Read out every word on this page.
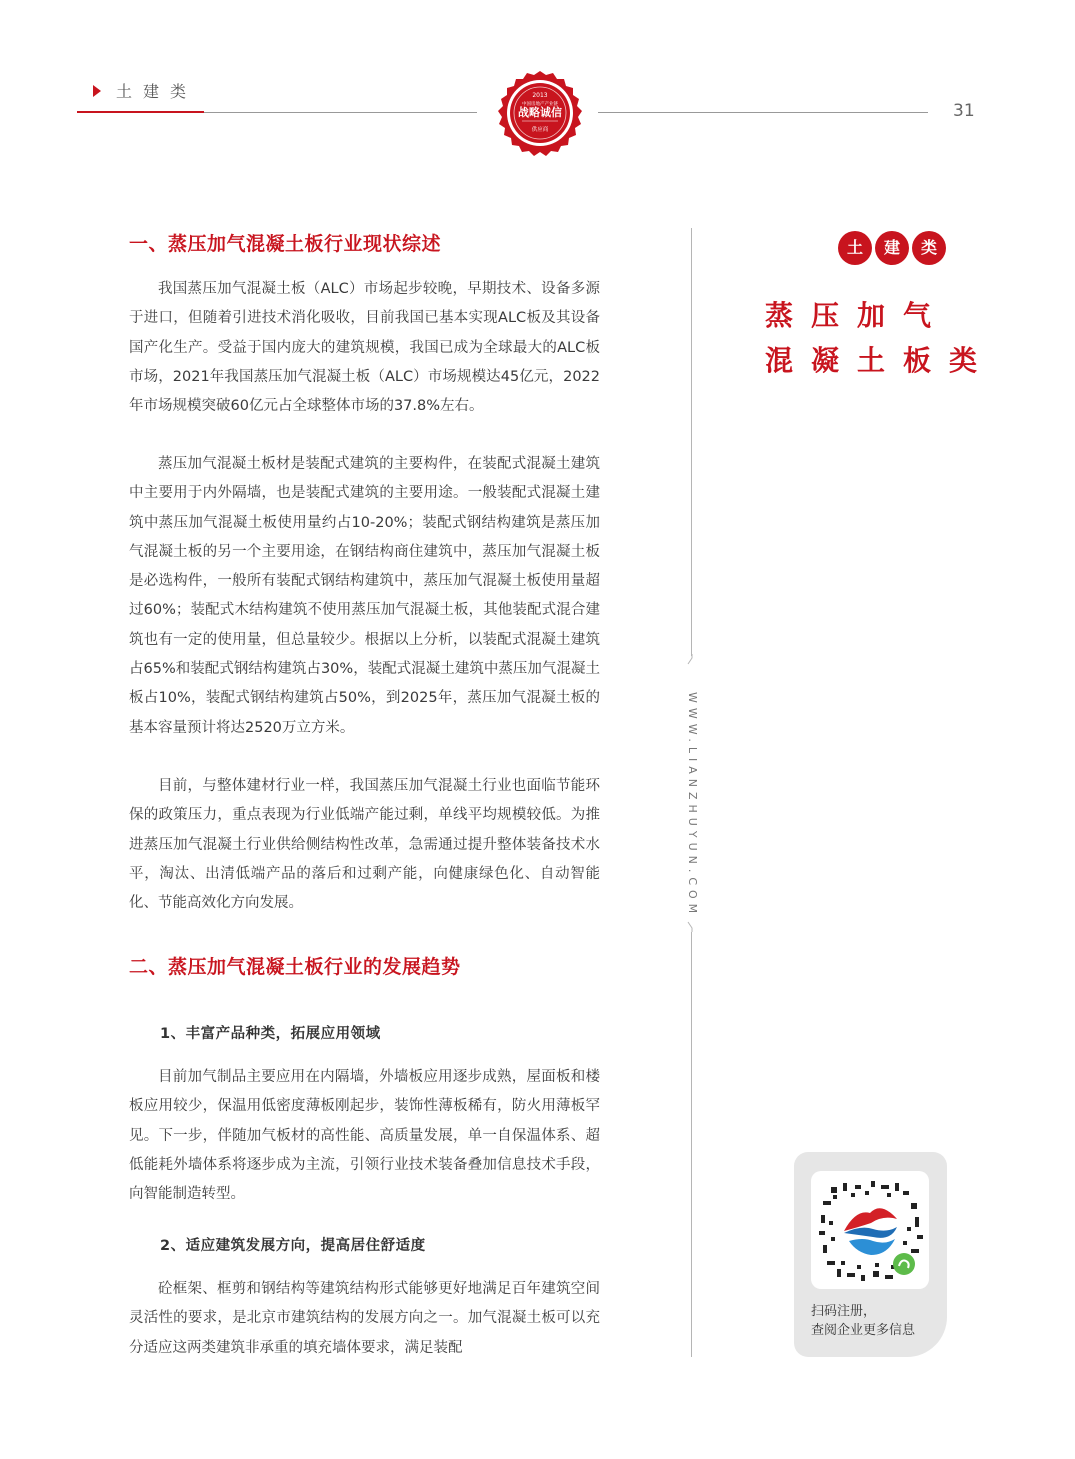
土建类
31
2013
中国房地产产业链
战略诚信
供应商
一、蒸压加气混凝土板行业现状综述

我国蒸压加气混凝土板（ALC）市场起步较晚，早期技术、设备多源于进口，但随着引进技术消化吸收，目前我国已基本实现ALC板及其设备国产化生产。受益于国内庞大的建筑规模，我国已成为全球最大的ALC板市场，2021年我国蒸压加气混凝土板（ALC）市场规模达45亿元，2022年市场规模突破60亿元占全球整体市场的37.8%左右。

蒸压加气混凝土板材是装配式建筑的主要构件，在装配式混凝土建筑中主要用于内外隔墙，也是装配式建筑的主要用途。一般装配式混凝土建筑中蒸压加气混凝土板使用量约占10-20%；装配式钢结构建筑是蒸压加气混凝土板的另一个主要用途，在钢结构商住建筑中，蒸压加气混凝土板是必选构件，一般所有装配式钢结构建筑中，蒸压加气混凝土板使用量超过60%；装配式木结构建筑不使用蒸压加气混凝土板，其他装配式混合建筑也有一定的使用量，但总量较少。根据以上分析，以装配式混凝土建筑占65%和装配式钢结构建筑占30%，装配式混凝土建筑中蒸压加气混凝土板占10%，装配式钢结构建筑占50%，到2025年，蒸压加气混凝土板的基本容量预计将达2520万立方米。

目前，与整体建材行业一样，我国蒸压加气混凝土行业也面临节能环保的政策压力，重点表现为行业低端产能过剩，单线平均规模较低。为推进蒸压加气混凝土行业供给侧结构性改革，急需通过提升整体装备技术水平，淘汰、出清低端产品的落后和过剩产能，向健康绿色化、自动智能化、节能高效化方向发展。

二、蒸压加气混凝土板行业的发展趋势
1、丰富产品种类，拓展应用领域

目前加气制品主要应用在内隔墙，外墙板应用逐步成熟，屋面板和楼板应用较少，保温用低密度薄板刚起步，装饰性薄板稀有，防火用薄板罕见。下一步，伴随加气板材的高性能、高质量发展，单一自保温体系、超低能耗外墙体系将逐步成为主流，引领行业技术装备叠加信息技术手段，向智能制造转型。

2、适应建筑发展方向，提高居住舒适度

砼框架、框剪和钢结构等建筑结构形式能够更好地满足百年建筑空间灵活性的要求，是北京市建筑结构的发展方向之一。加气混凝土板可以充分适应这两类建筑非承重的填充墙体要求，满足装配

WWW.LIANZHUYUN.COM
土	建	类
蒸压加气
混凝土板类
扫码注册，
查阅企业更多信息
